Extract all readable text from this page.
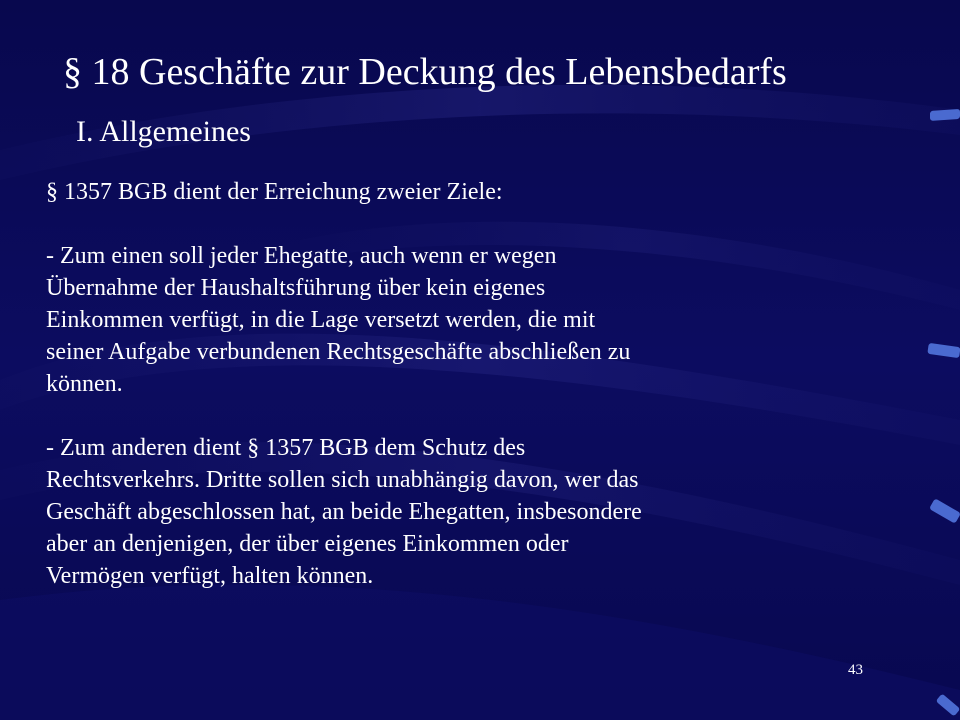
§ 18 Geschäfte zur Deckung des Lebensbedarfs
I. Allgemeines

§ 1357 BGB dient der Erreichung zweier Ziele:

- Zum einen soll jeder Ehegatte, auch wenn er wegen

Übernahme der Haushaltsführung über kein eigenes

Einkommen verfügt, in die Lage versetzt werden, die mit

seiner Aufgabe verbundenen Rechtsgeschäfte abschließen zu

können.

- Zum anderen dient § 1357 BGB dem Schutz des

Rechtsverkehrs. Dritte sollen sich unabhängig davon, wer das

Geschäft abgeschlossen hat, an beide Ehegatten, insbesondere

aber an denjenigen, der über eigenes Einkommen oder

Vermögen verfügt, halten können.

43
